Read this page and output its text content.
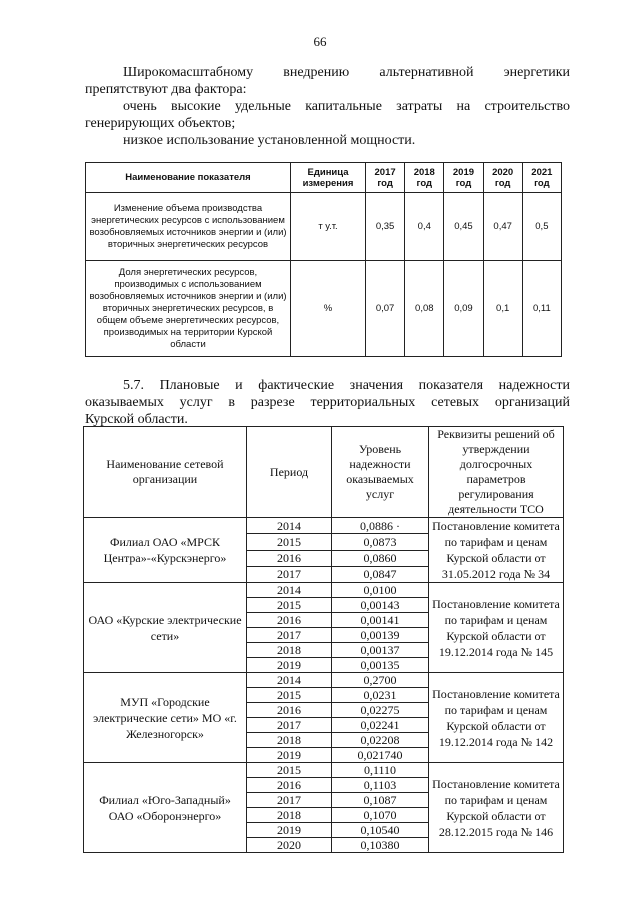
66
Широкомасштабному внедрению альтернативной энергетики
препятствуют два фактора:
очень высокие удельные капитальные затраты на строительство
генерирующих объектов;
низкое использование установленной мощности.
Наименование показателя	Единица измерения	2017 год	2018 год	2019 год	2020 год	2021 год
Изменение объема производства энергетических ресурсов с использованием возобновляемых источников энергии и (или) вторичных энергетических ресурсов	т у.т.	0,35	0,4	0,45	0,47	0,5
Доля энергетических ресурсов, производимых с использованием возобновляемых источников энергии и (или) вторичных энергетических ресурсов, в общем объеме энергетических ресурсов, производимых на территории Курской области	%	0,07	0,08	0,09	0,1	0,11
5.7. Плановые и фактические значения показателя надежности
оказываемых услуг в разрезе территориальных сетевых организаций
Курской области.
Наименование сетевой организации	Период	Уровень надежности оказываемых услуг	Реквизиты решений об утверждении долгосрочных параметров регулирования деятельности ТСО
Филиал ОАО «МРСК Центра»-«Курскэнерго»	2014	0,0886 ·	Постановление комитета по тарифам и ценам Курской области от 31.05.2012 года № 34
	2015	0,0873	
	2016	0,0860	
	2017	0,0847	
ОАО «Курские электрические сети»	2014	0,0100	Постановление комитета по тарифам и ценам Курской области от 19.12.2014 года № 145
	2015	0,00143	
	2016	0,00141	
	2017	0,00139	
	2018	0,00137	
	2019	0,00135	
МУП «Городские электрические сети» МО «г. Железногорск»	2014	0,2700	Постановление комитета по тарифам и ценам Курской области от 19.12.2014 года № 142
	2015	0,0231	
	2016	0,02275	
	2017	0,02241	
	2018	0,02208	
	2019	0,021740	
Филиал «Юго-Западный» ОАО «Оборонэнерго»	2015	0,1110	Постановление комитета по тарифам и ценам Курской области от 28.12.2015 года № 146
	2016	0,1103	
	2017	0,1087	
	2018	0,1070	
	2019	0,10540	
	2020	0,10380	
